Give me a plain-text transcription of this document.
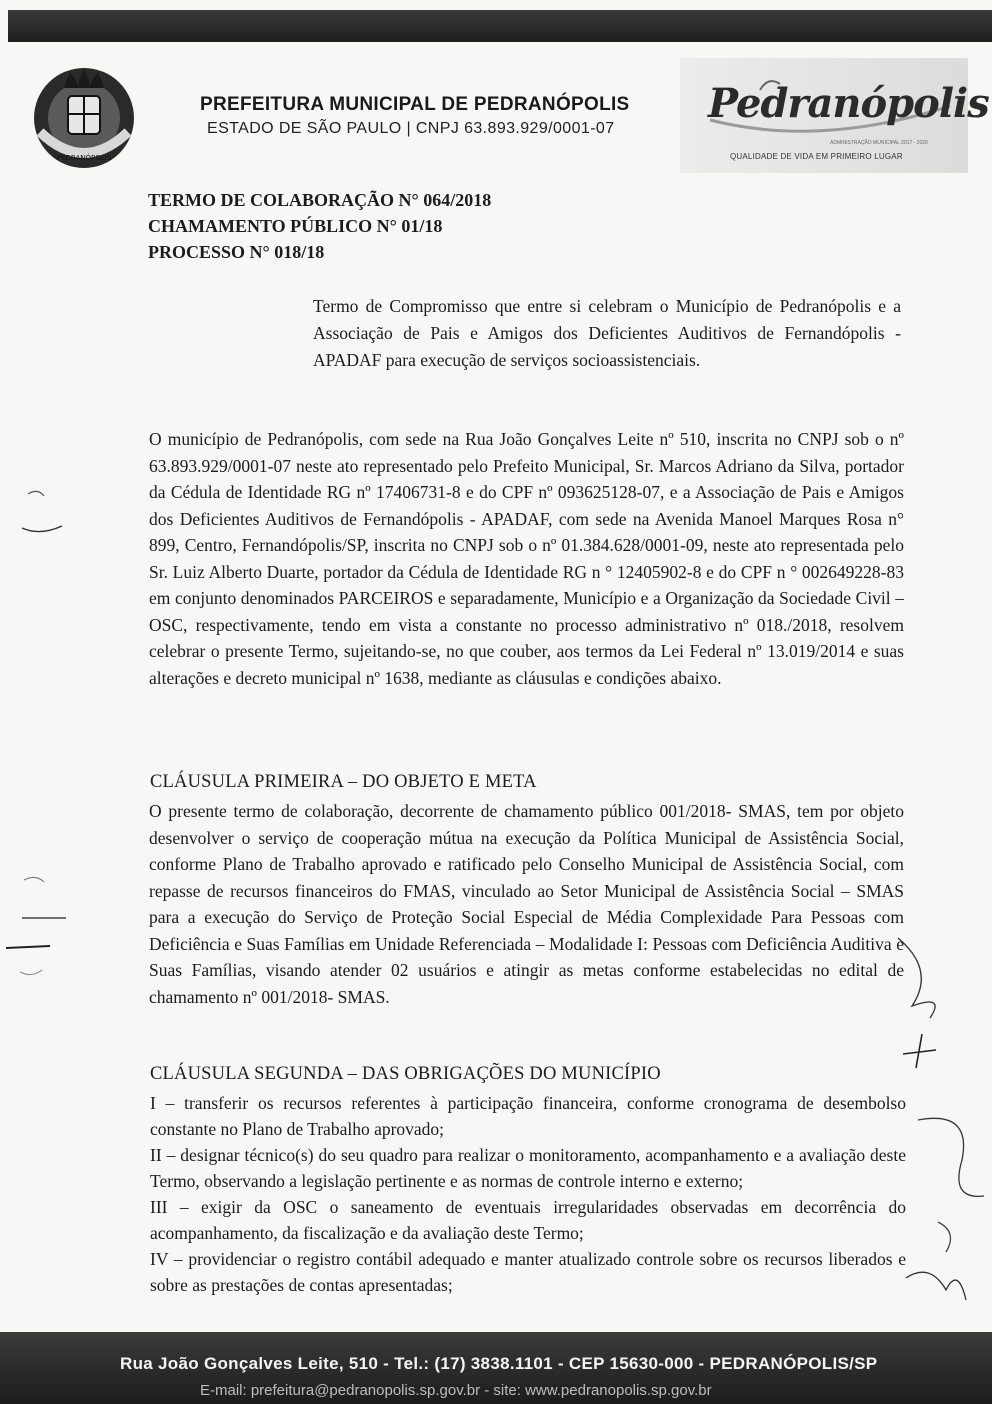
PEDRANÓPOLIS
PREFEITURA MUNICIPAL DE PEDRANÓPOLIS
ESTADO DE SÃO PAULO | CNPJ 63.893.929/0001-07
Pedranópolis
ADMINISTRAÇÃO MUNICIPAL 2017 - 2020
QUALIDADE DE VIDA EM PRIMEIRO LUGAR
TERMO DE COLABORAÇÃO N° 064/2018
CHAMAMENTO PÚBLICO N° 01/18
PROCESSO N° 018/18
Termo de Compromisso que entre si celebram o Município de Pedranópolis e a Associação de Pais e Amigos dos Deficientes Auditivos de Fernandópolis - APADAF para execução de serviços socioassistenciais.

O município de Pedranópolis, com sede na Rua João Gonçalves Leite nº 510, inscrita no CNPJ sob o nº 63.893.929/0001-07 neste ato representado pelo Prefeito Municipal, Sr. Marcos Adriano da Silva, portador da Cédula de Identidade RG nº 17406731-8 e do CPF nº 093625128-07, e a Associação de Pais e Amigos dos Deficientes Auditivos de Fernandópolis - APADAF, com sede na Avenida Manoel Marques Rosa n° 899, Centro, Fernandópolis/SP, inscrita no CNPJ sob o nº 01.384.628/0001-09, neste ato representada pelo Sr. Luiz Alberto Duarte, portador da Cédula de Identidade RG n ° 12405902-8 e do CPF n ° 002649228-83 em conjunto denominados PARCEIROS e separadamente, Município e a Organização da Sociedade Civil – OSC, respectivamente, tendo em vista a constante no processo administrativo nº 018./2018, resolvem celebrar o presente Termo, sujeitando-se, no que couber, aos termos da Lei Federal nº 13.019/2014 e suas alterações e decreto municipal nº 1638, mediante as cláusulas e condições abaixo.

CLÁUSULA PRIMEIRA – DO OBJETO E META

O presente termo de colaboração, decorrente de chamamento público 001/2018- SMAS, tem por objeto desenvolver o serviço de cooperação mútua na execução da Política Municipal de Assistência Social, conforme Plano de Trabalho aprovado e ratificado pelo Conselho Municipal de Assistência Social, com repasse de recursos financeiros do FMAS, vinculado ao Setor Municipal de Assistência Social – SMAS para a execução do Serviço de Proteção Social Especial de Média Complexidade Para Pessoas com Deficiência e Suas Famílias em Unidade Referenciada – Modalidade I: Pessoas com Deficiência Auditiva e Suas Famílias, visando atender 02 usuários e atingir as metas conforme estabelecidas no edital de chamamento nº 001/2018- SMAS.

CLÁUSULA SEGUNDA – DAS OBRIGAÇÕES DO MUNICÍPIO
I – transferir os recursos referentes à participação financeira, conforme cronograma de desembolso constante no Plano de Trabalho aprovado;
II – designar técnico(s) do seu quadro para realizar o monitoramento, acompanhamento e a avaliação deste Termo, observando a legislação pertinente e as normas de controle interno e externo;
III – exigir da OSC o saneamento de eventuais irregularidades observadas em decorrência do acompanhamento, da fiscalização e da avaliação deste Termo;
IV – providenciar o registro contábil adequado e manter atualizado controle sobre os recursos liberados e sobre as prestações de contas apresentadas;
Rua João Gonçalves Leite, 510 - Tel.: (17) 3838.1101 - CEP 15630-000 - PEDRANÓPOLIS/SP
E-mail: prefeitura@pedranopolis.sp.gov.br - site: www.pedranopolis.sp.gov.br
